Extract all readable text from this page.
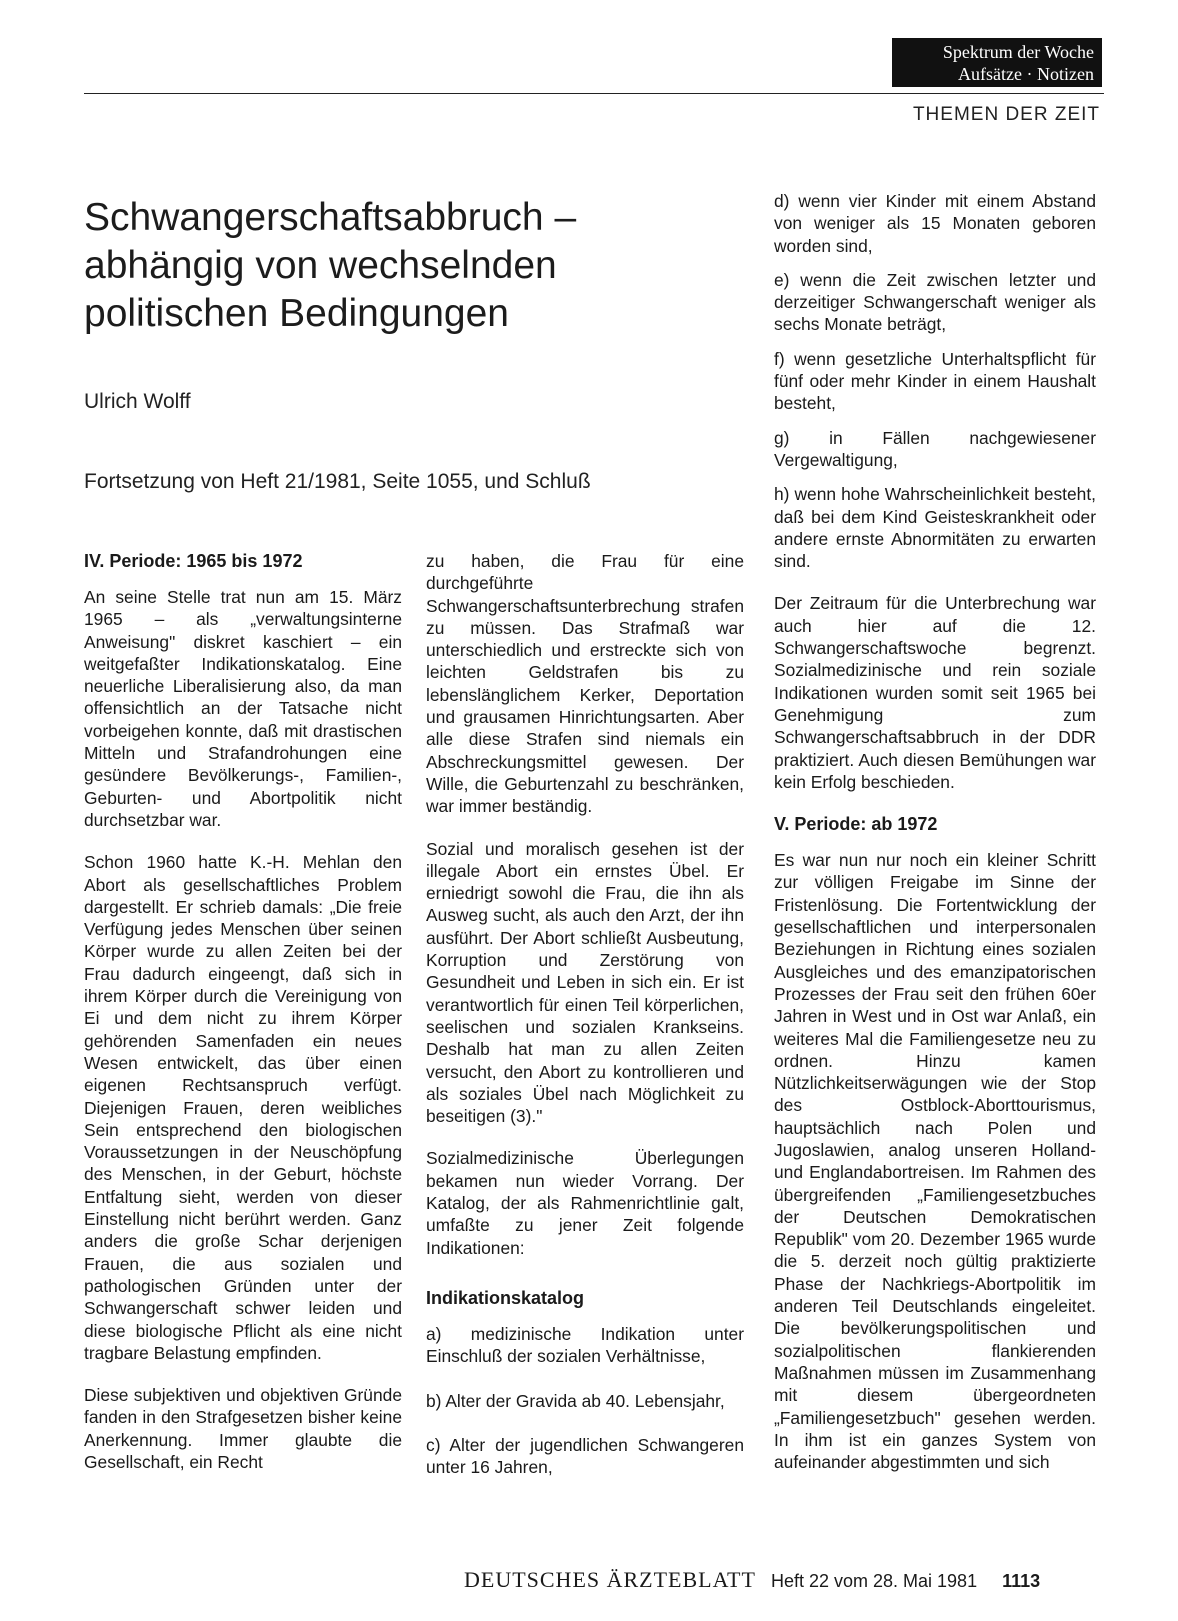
Spektrum der Woche
Aufsätze · Notizen
THEMEN DER ZEIT
Schwangerschaftsabbruch –
abhängig von wechselnden
politischen Bedingungen
Ulrich Wolff
Fortsetzung von Heft 21/1981, Seite 1055, und Schluß
IV. Periode: 1965 bis 1972

An seine Stelle trat nun am 15. März 1965 – als „verwaltungsinterne Anweisung" diskret kaschiert – ein weitgefaßter Indikationskatalog. Eine neuerliche Liberalisierung also, da man offensichtlich an der Tatsache nicht vorbeigehen konnte, daß mit drastischen Mitteln und Strafandrohungen eine gesündere Bevölkerungs-, Familien-, Geburten- und Abortpolitik nicht durchsetzbar war.

Schon 1960 hatte K.-H. Mehlan den Abort als gesellschaftliches Problem dargestellt. Er schrieb damals: „Die freie Verfügung jedes Menschen über seinen Körper wurde zu allen Zeiten bei der Frau dadurch eingeengt, daß sich in ihrem Körper durch die Vereinigung von Ei und dem nicht zu ihrem Körper gehörenden Samenfaden ein neues Wesen entwickelt, das über einen eigenen Rechtsanspruch verfügt. Diejenigen Frauen, deren weibliches Sein entsprechend den biologischen Voraussetzungen in der Neuschöpfung des Menschen, in der Geburt, höchste Entfaltung sieht, werden von dieser Einstellung nicht berührt werden. Ganz anders die große Schar derjenigen Frauen, die aus sozialen und pathologischen Gründen unter der Schwangerschaft schwer leiden und diese biologische Pflicht als eine nicht tragbare Belastung empfinden.

Diese subjektiven und objektiven Gründe fanden in den Strafgesetzen bisher keine Anerkennung. Immer glaubte die Gesellschaft, ein Recht

zu haben, die Frau für eine durchgeführte Schwangerschaftsunterbrechung strafen zu müssen. Das Strafmaß war unterschiedlich und erstreckte sich von leichten Geldstrafen bis zu lebenslänglichem Kerker, Deportation und grausamen Hinrichtungsarten. Aber alle diese Strafen sind niemals ein Abschreckungsmittel gewesen. Der Wille, die Geburtenzahl zu beschränken, war immer beständig.

Sozial und moralisch gesehen ist der illegale Abort ein ernstes Übel. Er erniedrigt sowohl die Frau, die ihn als Ausweg sucht, als auch den Arzt, der ihn ausführt. Der Abort schließt Ausbeutung, Korruption und Zerstörung von Gesundheit und Leben in sich ein. Er ist verantwortlich für einen Teil körperlichen, seelischen und sozialen Krankseins. Deshalb hat man zu allen Zeiten versucht, den Abort zu kontrollieren und als soziales Übel nach Möglichkeit zu beseitigen (3)."

Sozialmedizinische Überlegungen bekamen nun wieder Vorrang. Der Katalog, der als Rahmenrichtlinie galt, umfaßte zu jener Zeit folgende Indikationen:

Indikationskatalog

a) medizinische Indikation unter Einschluß der sozialen Verhältnisse,

b) Alter der Gravida ab 40. Lebensjahr,

c) Alter der jugendlichen Schwangeren unter 16 Jahren,

d) wenn vier Kinder mit einem Abstand von weniger als 15 Monaten geboren worden sind,

e) wenn die Zeit zwischen letzter und derzeitiger Schwangerschaft weniger als sechs Monate beträgt,

f) wenn gesetzliche Unterhaltspflicht für fünf oder mehr Kinder in einem Haushalt besteht,

g) in Fällen nachgewiesener Vergewaltigung,

h) wenn hohe Wahrscheinlichkeit besteht, daß bei dem Kind Geisteskrankheit oder andere ernste Abnormitäten zu erwarten sind.

Der Zeitraum für die Unterbrechung war auch hier auf die 12. Schwangerschaftswoche begrenzt. Sozialmedizinische und rein soziale Indikationen wurden somit seit 1965 bei Genehmigung zum Schwangerschaftsabbruch in der DDR praktiziert. Auch diesen Bemühungen war kein Erfolg beschieden.

V. Periode: ab 1972

Es war nun nur noch ein kleiner Schritt zur völligen Freigabe im Sinne der Fristenlösung. Die Fortentwicklung der gesellschaftlichen und interpersonalen Beziehungen in Richtung eines sozialen Ausgleiches und des emanzipatorischen Prozesses der Frau seit den frühen 60er Jahren in West und in Ost war Anlaß, ein weiteres Mal die Familiengesetze neu zu ordnen. Hinzu kamen Nützlichkeitserwägungen wie der Stop des Ostblock-Aborttourismus, hauptsächlich nach Polen und Jugoslawien, analog unseren Holland- und Englandabortreisen. Im Rahmen des übergreifenden „Familiengesetzbuches der Deutschen Demokratischen Republik" vom 20. Dezember 1965 wurde die 5. derzeit noch gültig praktizierte Phase der Nachkriegs-Abortpolitik im anderen Teil Deutschlands eingeleitet. Die bevölkerungspolitischen und sozialpolitischen flankierenden Maßnahmen müssen im Zusammenhang mit diesem übergeordneten „Familiengesetzbuch" gesehen werden. In ihm ist ein ganzes System von aufeinander abgestimmten und sich

DEUTSCHES ÄRZTEBLATT Heft 22 vom 28. Mai 1981 1113
